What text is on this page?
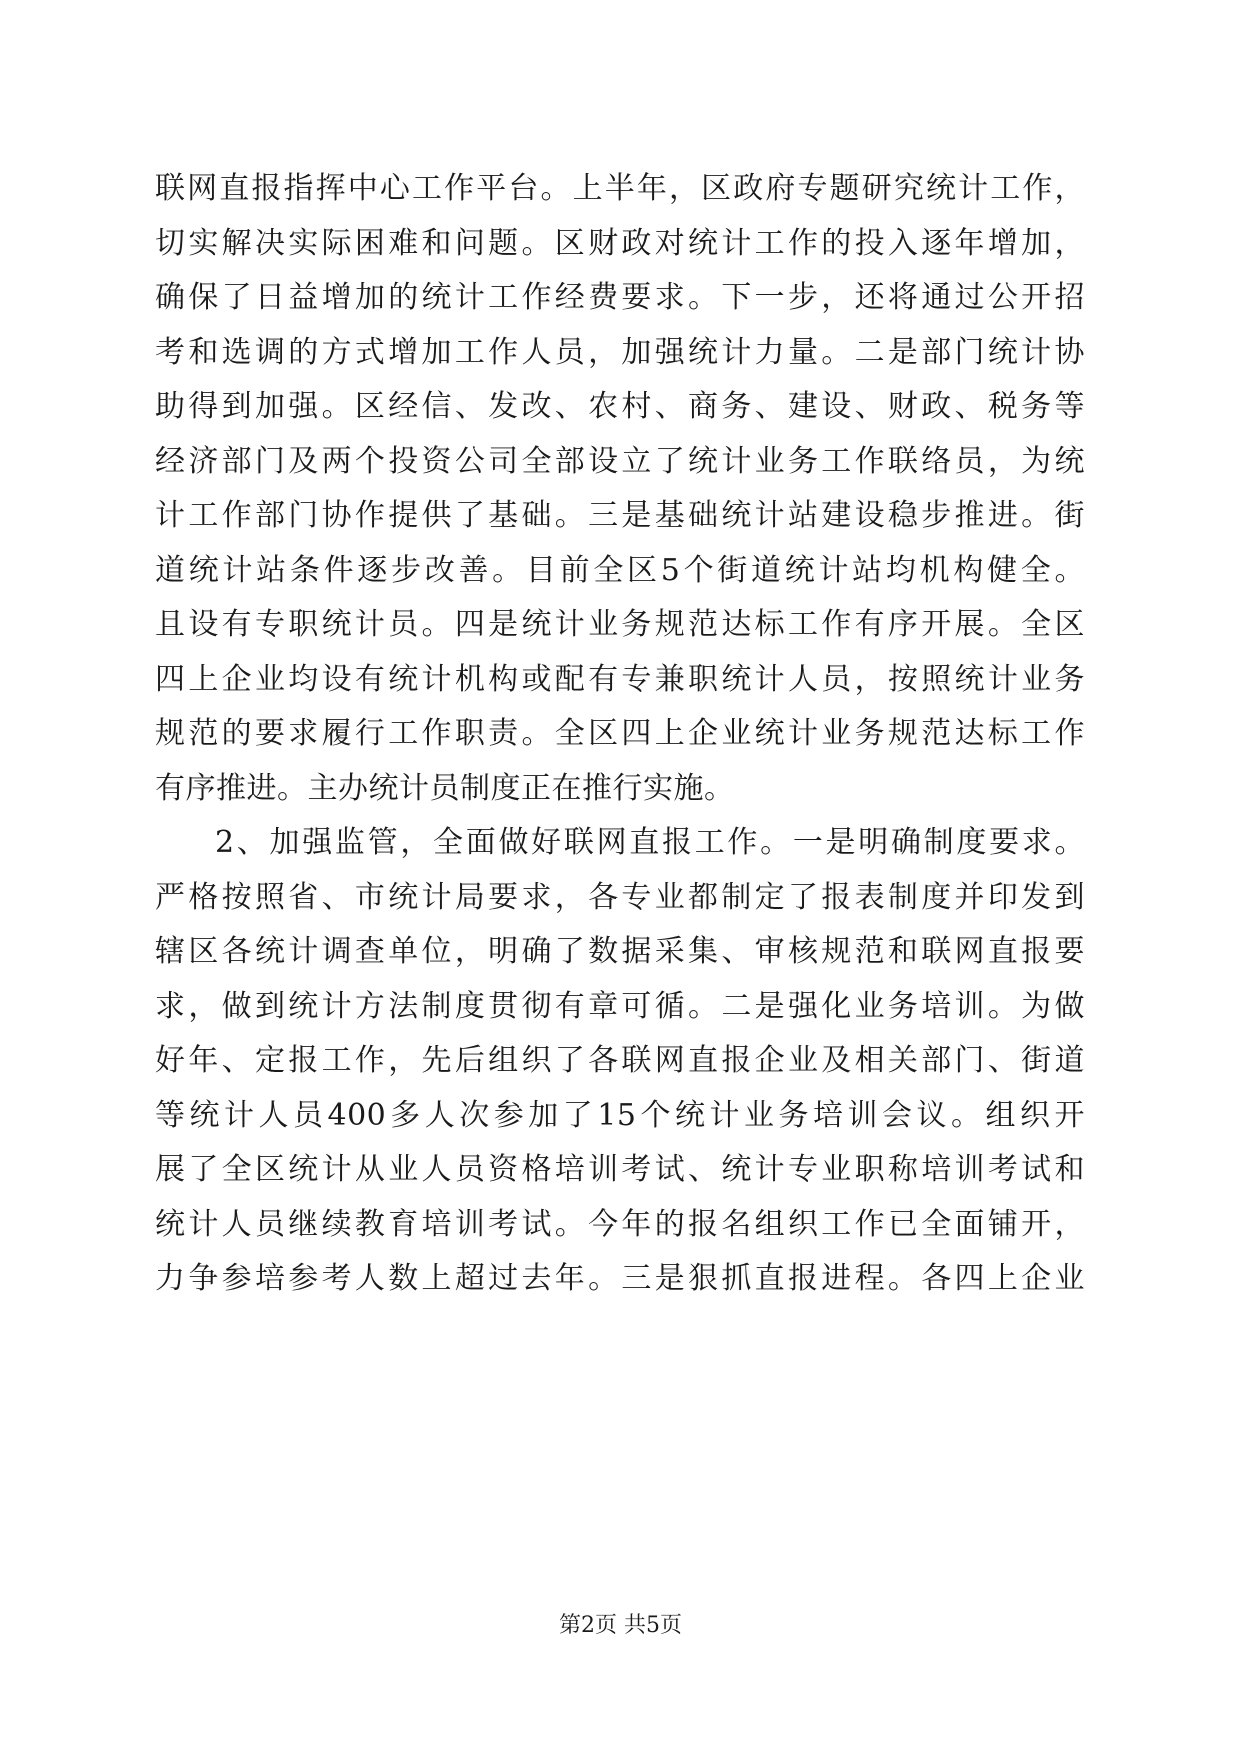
联网直报指挥中心工作平台。上半年，区政府专题研究统计工作，
切实解决实际困难和问题。区财政对统计工作的投入逐年增加，
确保了日益增加的统计工作经费要求。下一步，还将通过公开招
考和选调的方式增加工作人员，加强统计力量。二是部门统计协
助得到加强。区经信、发改、农村、商务、建设、财政、税务等
经济部门及两个投资公司全部设立了统计业务工作联络员，为统
计工作部门协作提供了基础。三是基础统计站建设稳步推进。街
道统计站条件逐步改善。目前全区5个街道统计站均机构健全。
且设有专职统计员。四是统计业务规范达标工作有序开展。全区
四上企业均设有统计机构或配有专兼职统计人员，按照统计业务
规范的要求履行工作职责。全区四上企业统计业务规范达标工作
有序推进。主办统计员制度正在推行实施。
2、加强监管，全面做好联网直报工作。一是明确制度要求。
严格按照省、市统计局要求，各专业都制定了报表制度并印发到
辖区各统计调查单位，明确了数据采集、审核规范和联网直报要
求，做到统计方法制度贯彻有章可循。二是强化业务培训。为做
好年、定报工作，先后组织了各联网直报企业及相关部门、街道
等统计人员400多人次参加了15个统计业务培训会议。组织开
展了全区统计从业人员资格培训考试、统计专业职称培训考试和
统计人员继续教育培训考试。今年的报名组织工作已全面铺开，
力争参培参考人数上超过去年。三是狠抓直报进程。各四上企业
第2页 共5页
